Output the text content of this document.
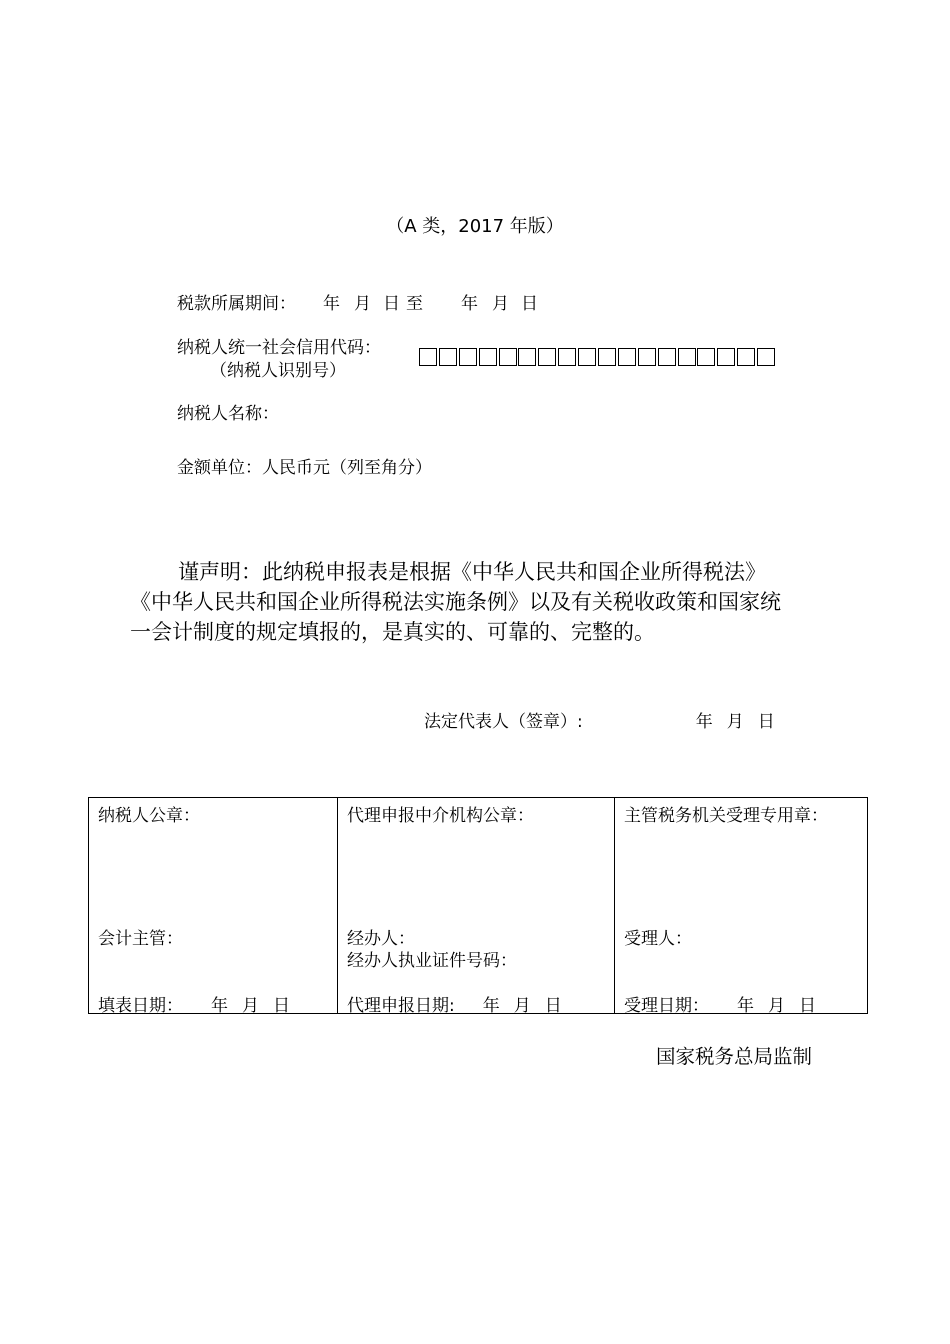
（A 类，2017 年版）
税款所属期间： 年 月 日 至 年 月 日
纳税人统一社会信用代码：
（纳税人识别号）
纳税人名称：
金额单位：人民币元（列至角分）
谨声明：此纳税申报表是根据《中华人民共和国企业所得税法》
《中华人民共和国企业所得税法实施条例》以及有关税收政策和国家统
一会计制度的规定填报的，是真实的、可靠的、完整的。
法定代表人（签章）:	年 月 日
纳税人公章：
会计主管：
填表日期： 年 月 日

代理申报中介机构公章：
经办人：
经办人执业证件号码：
代理申报日期: 年 月 日

主管税务机关受理专用章：
受理人：
受理日期： 年 月 日
国家税务总局监制
